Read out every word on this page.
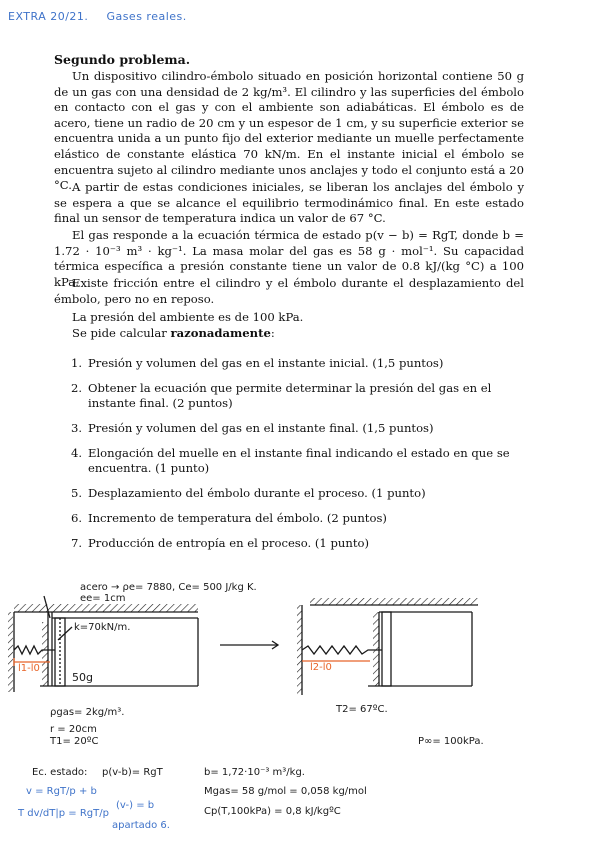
EXTRA 20/21. Gases reales.
Segundo problema.

Un dispositivo cilindro-émbolo situado en posición horizontal contiene 50 g de un gas con una densidad de 2 kg/m³. El cilindro y las superficies del émbolo en contacto con el gas y con el ambiente son adiabáticas. El émbolo es de acero, tiene un radio de 20 cm y un espesor de 1 cm, y su superficie exterior se encuentra unida a un punto fijo del exterior mediante un muelle perfectamente elástico de constante elástica 70 kN/m. En el instante inicial el émbolo se encuentra sujeto al cilindro mediante unos anclajes y todo el conjunto está a 20 °C. A partir de estas condiciones iniciales, se liberan los anclajes del émbolo y se espera a que se alcance el equilibrio termodinámico final. En este estado final un sensor de temperatura indica un valor de 67 °C.

El gas responde a la ecuación térmica de estado p(v − b) = RgT, donde b = 1.72 · 10⁻³ m³ · kg⁻¹. La masa molar del gas es 58 g · mol⁻¹. Su capacidad térmica específica a presión constante tiene un valor de 0.8 kJ/(kg °C) a 100 kPa.

Existe fricción entre el cilindro y el émbolo durante el desplazamiento del émbolo, pero no en reposo.

La presión del ambiente es de 100 kPa.

Se pide calcular razonadamente:

1. Presión y volumen del gas en el instante inicial. (1,5 puntos)
2. Obtener la ecuación que permite determinar la presión del gas en el instante final. (2 puntos)
3. Presión y volumen del gas en el instante final. (1,5 puntos)
4. Elongación del muelle en el instante final indicando el estado en que se encuentra. (1 punto)
5. Desplazamiento del émbolo durante el proceso. (1 punto)
6. Incremento de temperatura del émbolo. (2 puntos)
7. Producción de entropía en el proceso. (1 punto)
acero → ρe= 7880, Ce= 500 J/kg K.
ee= 1cm
k=70kN/m.
l1-l0
50g
ρgas= 2kg/m³.
r = 20cm
T1= 20ºC
l2-l0
T2= 67ºC.
P∞= 100kPa.
Ec. estado: p(v-b)= RgT	b= 1,72·10⁻³ m³/kg.
v = RgT/p + b	Mgas= 58 g/mol = 0,058 kg/mol
T dv/dT|p = RgT/p
(v-) = b
Cp(T,100kPa) = 0,8 kJ/kgºC
apartado 6.
